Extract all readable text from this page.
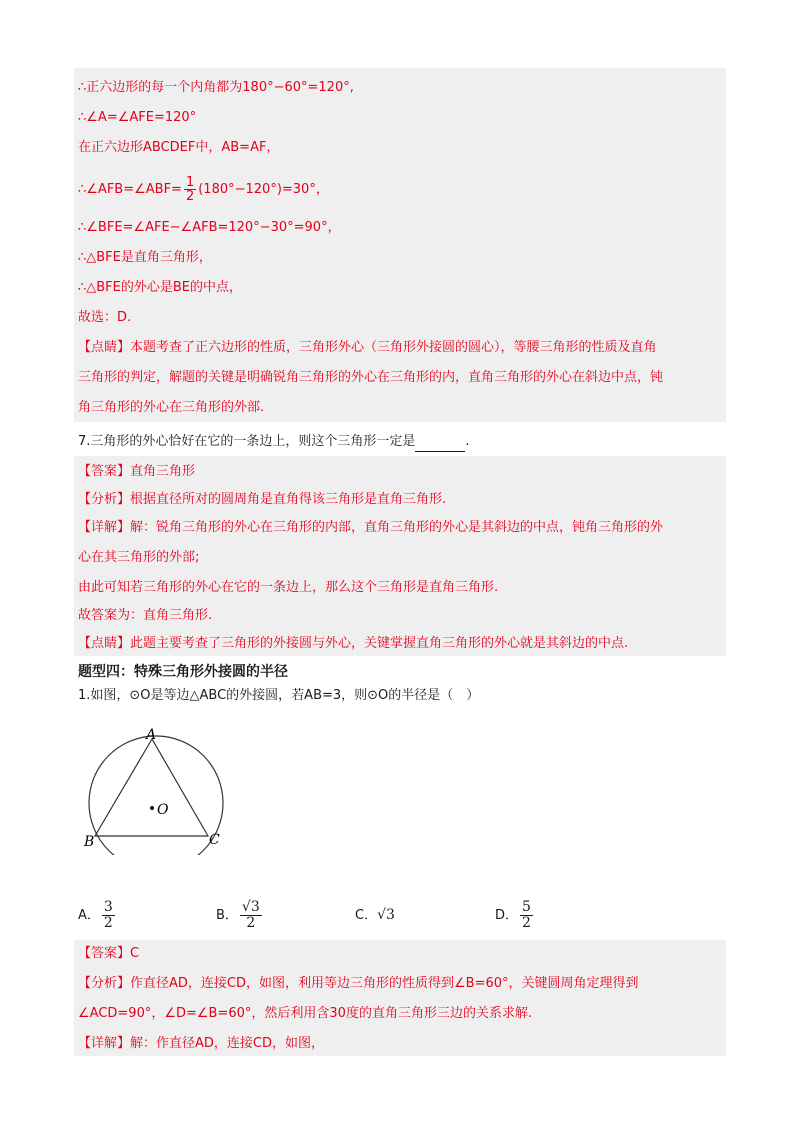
∴正六边形的每一个内角都为180°−60°=120°,
∴∠A=∠AFE=120°
在正六边形ABCDEF中，AB=AF，
∴∠AFB=∠ABF= $\frac{1}{2} (180^\circ-120^\circ)=30^\circ$，
∴∠BFE=∠AFE−∠AFB=120°−30°=90°，
∴△BFE是直角三角形，
∴△BFE的外心是BE的中点，
故选：D.
【点睛】本题考查了正六边形的性质，三角形外心（三角形外接圆的圆心），等腰三角形的性质及直角
三角形的判定，解题的关键是明确锐角三角形的外心在三角形的内，直角三角形的外心在斜边中点，钝
角三角形的外心在三角形的外部.
7.三角形的外心恰好在它的一条边上，则这个三角形一定是	.
【答案】直角三角形
【分析】根据直径所对的圆周角是直角得该三角形是直角三角形.
【详解】解：锐角三角形的外心在三角形的内部，直角三角形的外心是其斜边的中点，钝角三角形的外
心在其三角形的外部;
由此可知若三角形的外心在它的一条边上，那么这个三角形是直角三角形.
故答案为：直角三角形.
【点睛】此题主要考查了三角形的外接圆与外心，关键掌握直角三角形的外心就是其斜边的中点.
题型四：特殊三角形外接圆的半径
1.如图，⊙O是等边△ABC的外接圆，若AB=3，则⊙O的半径是（　）
A
B	C
O
A． $\frac{3}{2}$	B． $\frac{√3}{2}$	C．√3	D． $\frac{5}{2}$
【答案】C
【分析】作直径AD，连接CD，如图，利用等边三角形的性质得到∠B=60°，关键圆周角定理得到
∠ACD=90°，∠D=∠B=60°，然后利用含30度的直角三角形三边的关系求解.
【详解】解：作直径AD，连接CD，如图，
